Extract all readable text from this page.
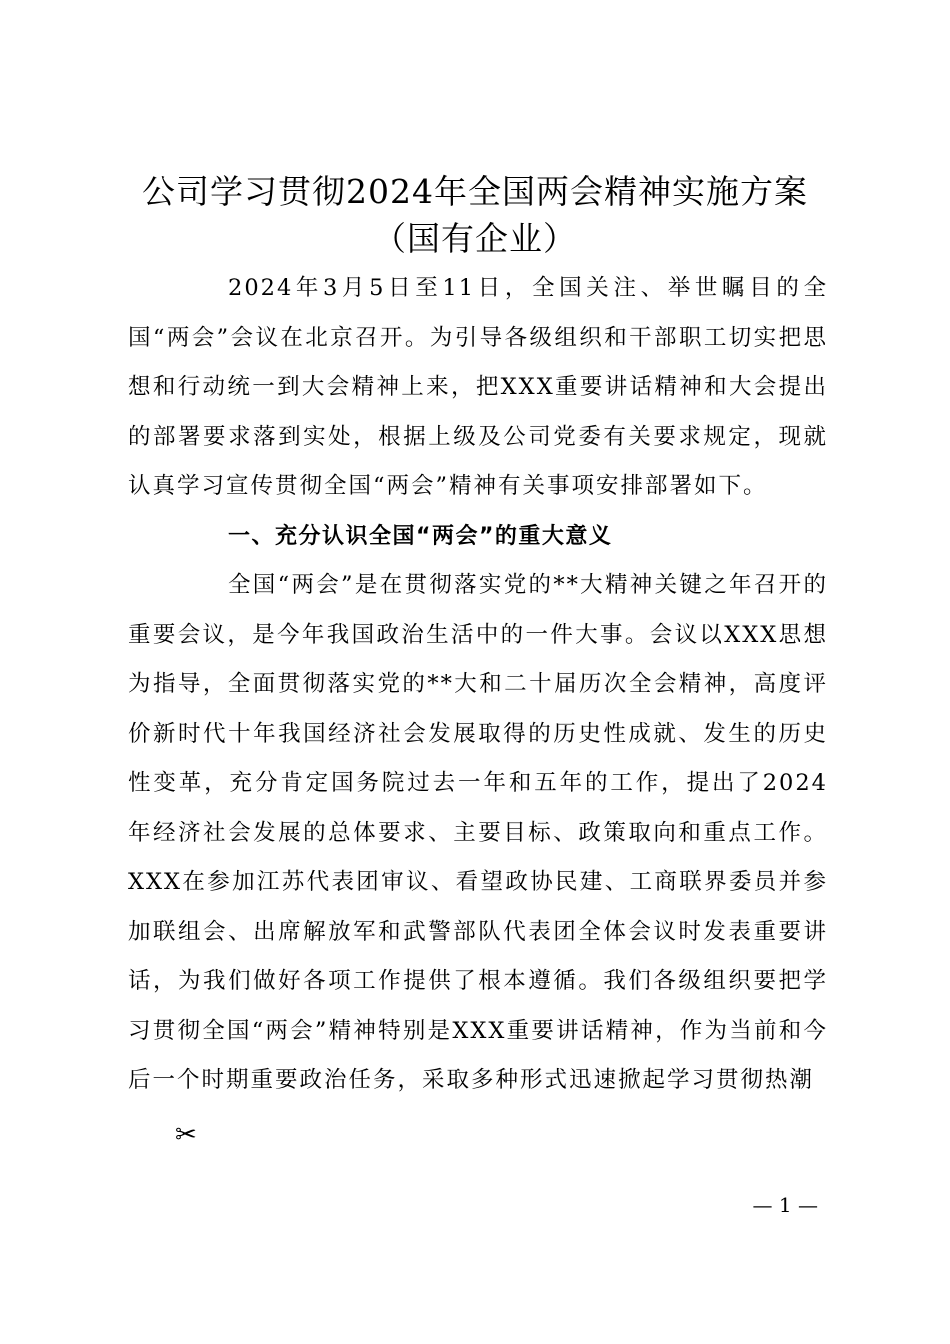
公司学习贯彻2024年全国两会精神实施方案
（国有企业）

2024年3月5日至11日，全国关注、举世瞩目的全国“两会”会议在北京召开。为引导各级组织和干部职工切实把思想和行动统一到大会精神上来，把XXX重要讲话精神和大会提出的部署要求落到实处，根据上级及公司党委有关要求规定，现就认真学习宣传贯彻全国“两会”精神有关事项安排部署如下。

一、充分认识全国“两会”的重大意义

全国“两会”是在贯彻落实党的**大精神关键之年召开的重要会议，是今年我国政治生活中的一件大事。会议以XXX思想为指导，全面贯彻落实党的**大和二十届历次全会精神，高度评价新时代十年我国经济社会发展取得的历史性成就、发生的历史性变革，充分肯定国务院过去一年和五年的工作，提出了2024年经济社会发展的总体要求、主要目标、政策取向和重点工作。XXX在参加江苏代表团审议、看望政协民建、工商联界委员并参加联组会、出席解放军和武警部队代表团全体会议时发表重要讲话，为我们做好各项工作提供了根本遵循。我们各级组织要把学习贯彻全国“两会”精神特别是XXX重要讲话精神，作为当前和今后一个时期重要政治任务，采取多种形式迅速掀起学习贯彻热潮

✂
— 1 —
